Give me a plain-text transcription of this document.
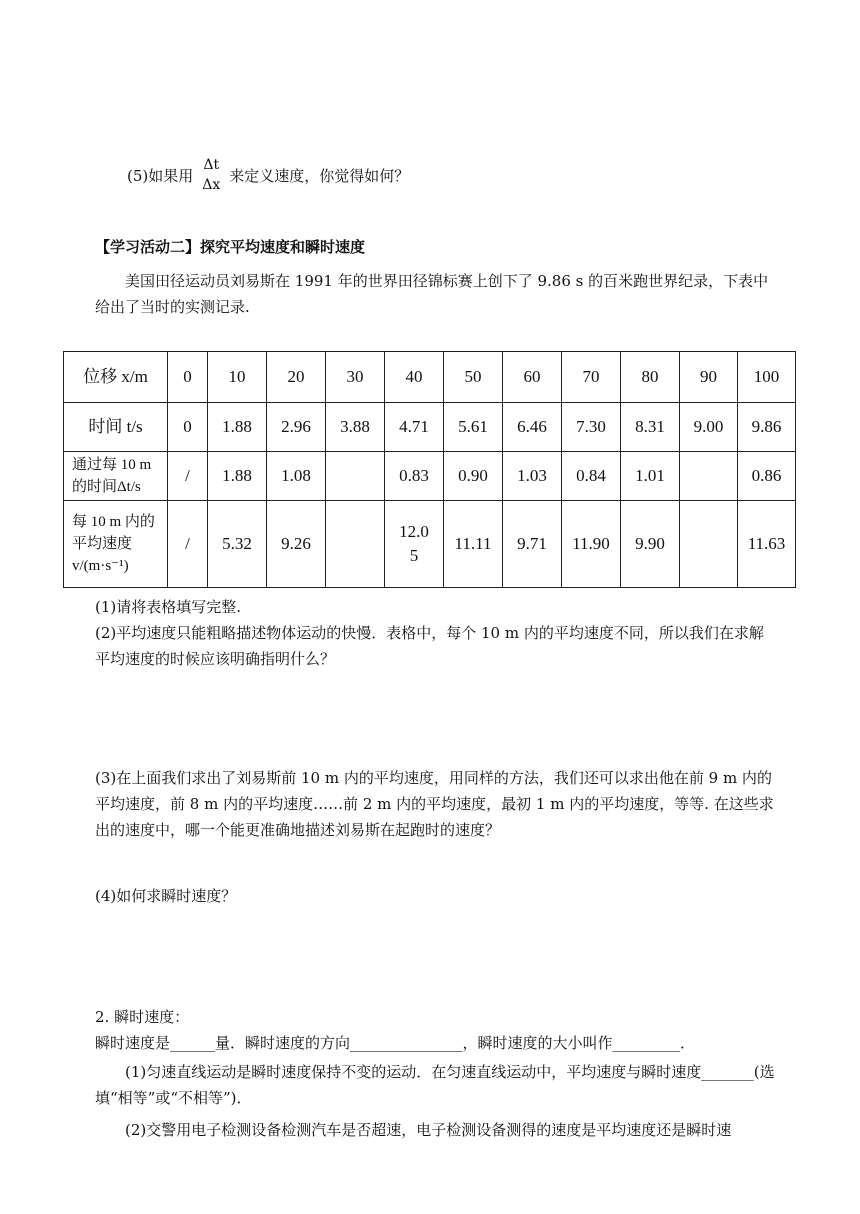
(5)如果用
Δt
Δx
来定义速度，你觉得如何？
【学习活动二】探究平均速度和瞬时速度
美国田径运动员刘易斯在 1991 年的世界田径锦标赛上创下了 9.86 s 的百米跑世界纪录，下表中给出了当时的实测记录.
位移 x/m	0	10	20	30	40	50	60	70	80	90	100
时间 t/s	0	1.88	2.96	3.88	4.71	5.61	6.46	7.30	8.31	9.00	9.86
通过每 10 m 的时间Δt/s	/	1.88	1.08		0.83	0.90	1.03	0.84	1.01		0.86
每 10 m 内的平均速度 v/(m·s⁻¹)	/	5.32	9.26		12.05	11.11	9.71	11.90	9.90		11.63
(1)请将表格填写完整.
(2)平均速度只能粗略描述物体运动的快慢．表格中，每个 10 m 内的平均速度不同，所以我们在求解平均速度的时候应该明确指明什么？
(3)在上面我们求出了刘易斯前 10 m 内的平均速度，用同样的方法，我们还可以求出他在前 9 m 内的平均速度，前 8 m 内的平均速度……前 2 m 内的平均速度，最初 1 m 内的平均速度，等等. 在这些求出的速度中，哪一个能更准确地描述刘易斯在起跑时的速度？
(4)如何求瞬时速度？
2. 瞬时速度：
瞬时速度是______量．瞬时速度的方向_______________，瞬时速度的大小叫作_________．
(1)匀速直线运动是瞬时速度保持不变的运动．在匀速直线运动中，平均速度与瞬时速度_______(选填“相等”或“不相等”)．
(2)交警用电子检测设备检测汽车是否超速，电子检测设备测得的速度是平均速度还是瞬时速
